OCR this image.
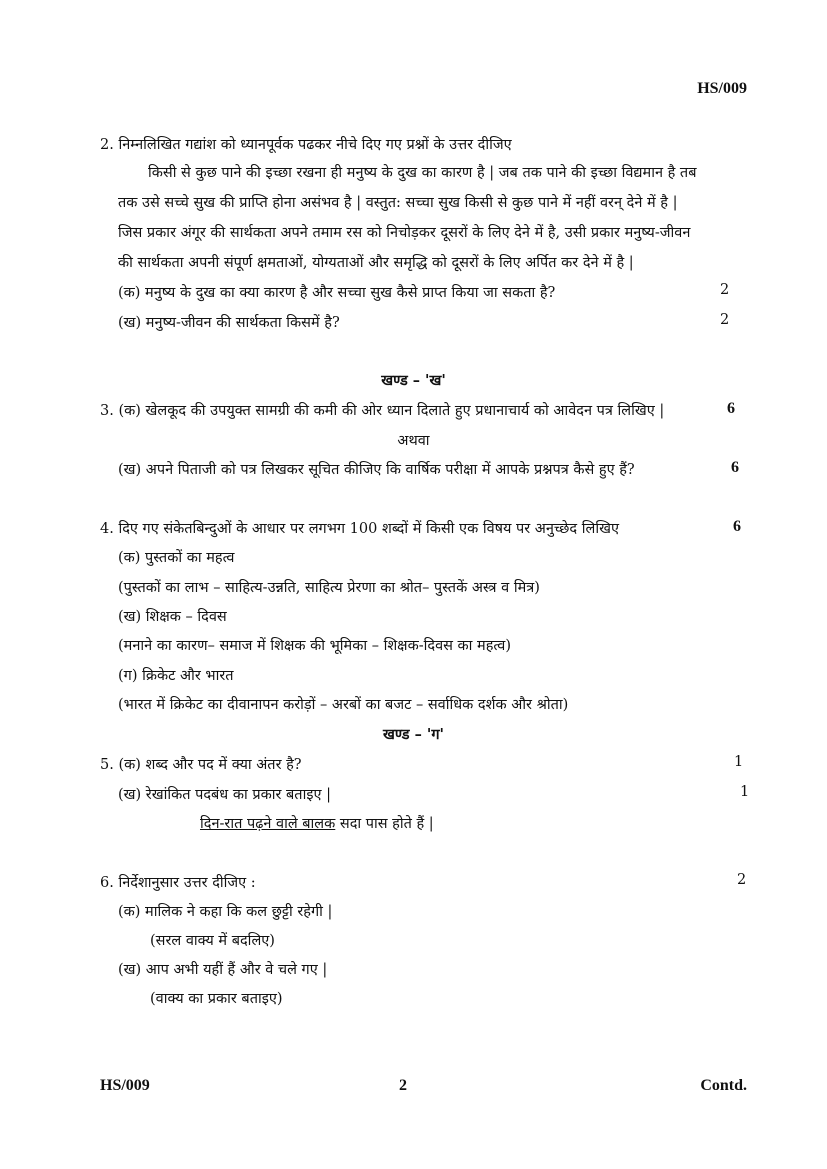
HS/009
2. निम्नलिखित गद्यांश को ध्यानपूर्वक पढकर नीचे दिए गए प्रश्नों के उत्तर दीजिए
किसी से कुछ पाने की इच्छा रखना ही मनुष्य के दुख का कारण है | जब तक पाने की इच्छा विद्यमान है तब
तक उसे सच्चे सुख की प्राप्ति होना असंभव है | वस्तुत: सच्चा सुख किसी से कुछ पाने में नहीं वरन् देने में है |
जिस प्रकार अंगूर की सार्थकता अपने तमाम रस को निचोड़कर दूसरों के लिए देने में है, उसी प्रकार मनुष्य-जीवन
की सार्थकता अपनी संपूर्ण क्षमताओं, योग्यताओं और समृद्धि को दूसरों के लिए अर्पित कर देने में है |
(क) मनुष्य के दुख का क्या कारण है और सच्चा सुख कैसे प्राप्त किया जा सकता है?	2
(ख) मनुष्य-जीवन की सार्थकता किसमें है?	2
खण्ड – 'ख'
3. (क) खेलकूद की उपयुक्त सामग्री की कमी की ओर ध्यान दिलाते हुए प्रधानाचार्य को आवेदन पत्र लिखिए |	6
अथवा
(ख) अपने पिताजी को पत्र लिखकर सूचित कीजिए कि वार्षिक परीक्षा में आपके प्रश्नपत्र कैसे हुए हैं?	6
4. दिए गए संकेतबिन्दुओं के आधार पर लगभग 100 शब्दों में किसी एक विषय पर अनुच्छेद लिखिए	6
(क) पुस्तकों का महत्व
(पुस्तकों का लाभ – साहित्य-उन्नति, साहित्य प्रेरणा का श्रोत– पुस्तकें अस्त्र व मित्र)
(ख) शिक्षक – दिवस
(मनाने का कारण– समाज में शिक्षक की भूमिका – शिक्षक-दिवस का महत्व)
(ग) क्रिकेट और भारत
(भारत में क्रिकेट का दीवानापन करोड़ों – अरबों का बजट – सर्वाधिक दर्शक और श्रोता)
खण्ड – 'ग'
5. (क) शब्द और पद में क्या अंतर है?	1
(ख) रेखांकित पदबंध का प्रकार बताइए |	1
दिन-रात पढ़ने वाले बालक सदा पास होते हैं |
6. निर्देशानुसार उत्तर दीजिए :	2
(क) मालिक ने कहा कि कल छुट्टी रहेगी |
(सरल वाक्य में बदलिए)
(ख) आप अभी यहीं हैं और वे चले गए |
(वाक्य का प्रकार बताइए)
HS/009	2	Contd.
